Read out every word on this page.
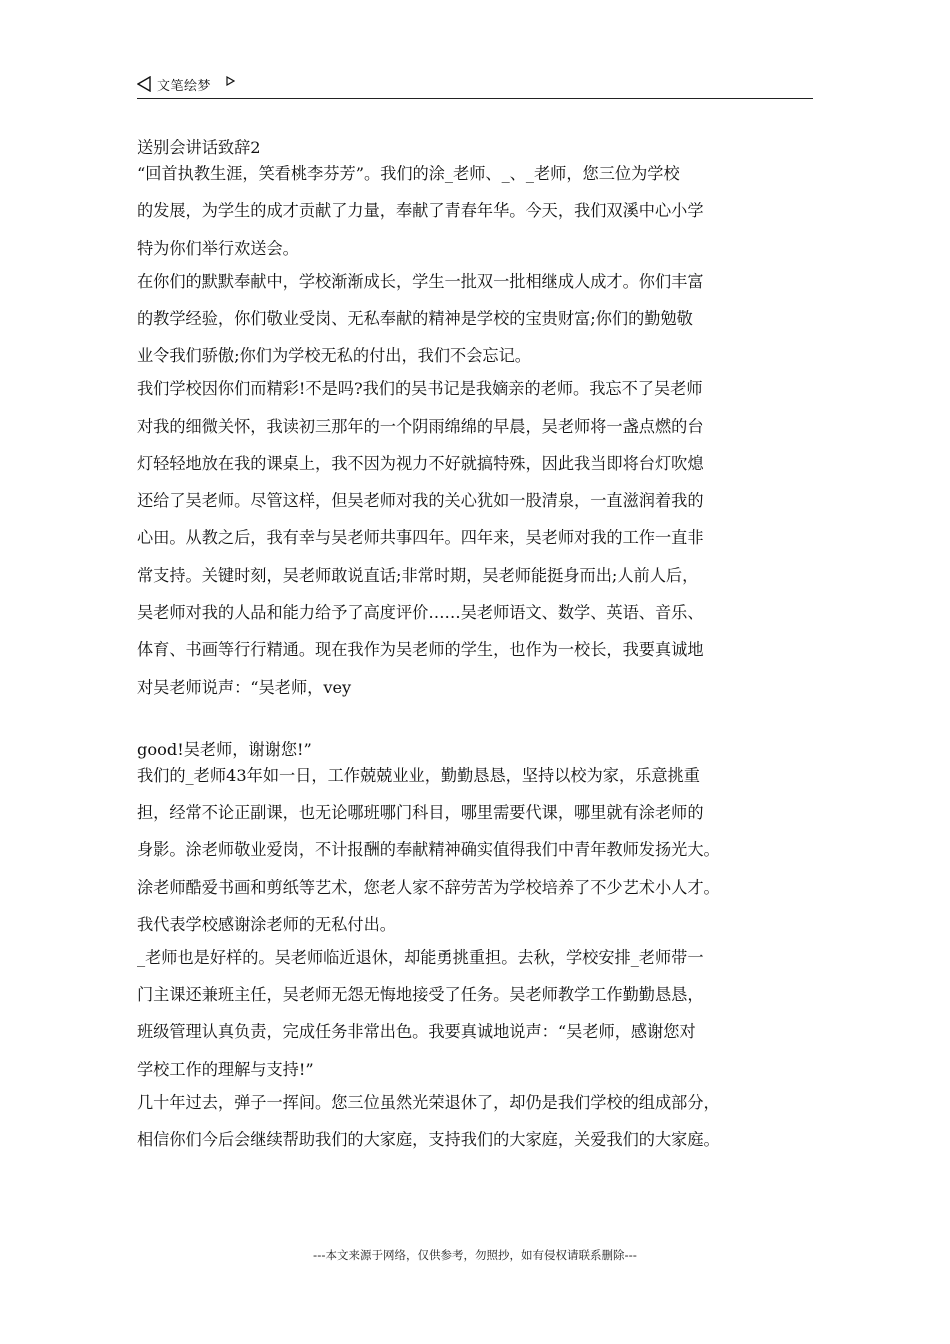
文笔绘梦

送别会讲话致辞2

“回首执教生涯，笑看桃李芬芳”。我们的涂_老师、_、_老师，您三位为学校

的发展，为学生的成才贡献了力量，奉献了青春年华。今天，我们双溪中心小学

特为你们举行欢送会。

在你们的默默奉献中，学校渐渐成长，学生一批双一批相继成人成才。你们丰富

的教学经验，你们敬业受岗、无私奉献的精神是学校的宝贵财富;你们的勤勉敬

业令我们骄傲;你们为学校无私的付出，我们不会忘记。

我们学校因你们而精彩!不是吗?我们的吴书记是我嫡亲的老师。我忘不了吴老师

对我的细微关怀，我读初三那年的一个阴雨绵绵的早晨，吴老师将一盏点燃的台

灯轻轻地放在我的课桌上，我不因为视力不好就搞特殊，因此我当即将台灯吹熄

还给了吴老师。尽管这样，但吴老师对我的关心犹如一股清泉，一直滋润着我的

心田。从教之后，我有幸与吴老师共事四年。四年来，吴老师对我的工作一直非

常支持。关键时刻，吴老师敢说直话;非常时期，吴老师能挺身而出;人前人后，

吴老师对我的人品和能力给予了高度评价……吴老师语文、数学、英语、音乐、

体育、书画等行行精通。现在我作为吴老师的学生，也作为一校长，我要真诚地

对吴老师说声：“吴老师，vey

good!吴老师，谢谢您!”

我们的_老师43年如一日，工作兢兢业业，勤勤恳恳，坚持以校为家，乐意挑重

担，经常不论正副课，也无论哪班哪门科目，哪里需要代课，哪里就有涂老师的

身影。涂老师敬业爱岗，不计报酬的奉献精神确实值得我们中青年教师发扬光大。

涂老师酷爱书画和剪纸等艺术，您老人家不辞劳苦为学校培养了不少艺术小人才。

我代表学校感谢涂老师的无私付出。

_老师也是好样的。吴老师临近退休，却能勇挑重担。去秋，学校安排_老师带一

门主课还兼班主任，吴老师无怨无悔地接受了任务。吴老师教学工作勤勤恳恳，

班级管理认真负责，完成任务非常出色。我要真诚地说声：“吴老师，感谢您对

学校工作的理解与支持!”

几十年过去，弹子一挥间。您三位虽然光荣退休了，却仍是我们学校的组成部分，

相信你们今后会继续帮助我们的大家庭，支持我们的大家庭，关爱我们的大家庭。

---本文来源于网络，仅供参考，勿照抄，如有侵权请联系删除---
